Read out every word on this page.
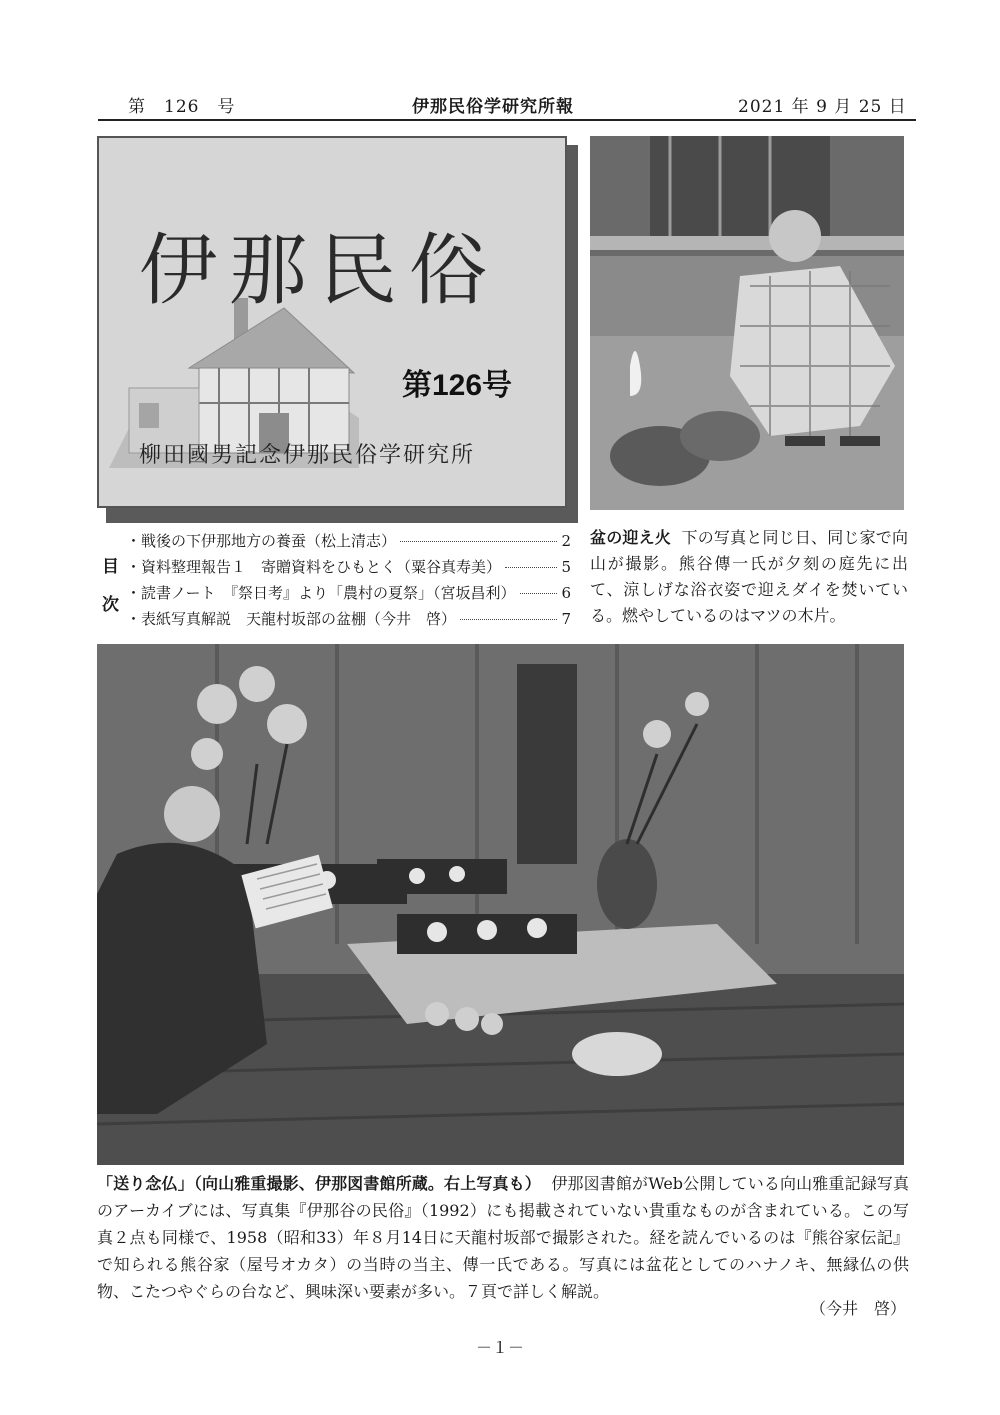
第　126　号	伊那民俗学研究所報	2021 年 9 月 25 日
伊那民俗
第126号
柳田國男記念伊那民俗学研究所
目
次
・戦後の下伊那地方の養蚕（松上清志）	2
・資料整理報告１　寄贈資料をひもとく（粟谷真寿美）	5
・読書ノート　『祭日考』より「農村の夏祭」（宮坂昌利）	6
・表紙写真解説　天龍村坂部の盆棚（今井　啓）	7
盆の迎え火 下の写真と同じ日、同じ家で向山が撮影。熊谷傳一氏が夕刻の庭先に出て、涼しげな浴衣姿で迎えダイを焚いている。燃やしているのはマツの木片。
「送り念仏」（向山雅重撮影、伊那図書館所蔵。右上写真も） 伊那図書館がWeb公開している向山雅重記録写真のアーカイブには、写真集『伊那谷の民俗』（1992）にも掲載されていない貴重なものが含まれている。この写真２点も同様で、1958（昭和33）年８月14日に天龍村坂部で撮影された。経を読んでいるのは『熊谷家伝記』で知られる熊谷家（屋号オカタ）の当時の当主、傳一氏である。写真には盆花としてのハナノキ、無縁仏の供物、こたつやぐらの台など、興味深い要素が多い。７頁で詳しく解説。
（今井　啓）
－１－
